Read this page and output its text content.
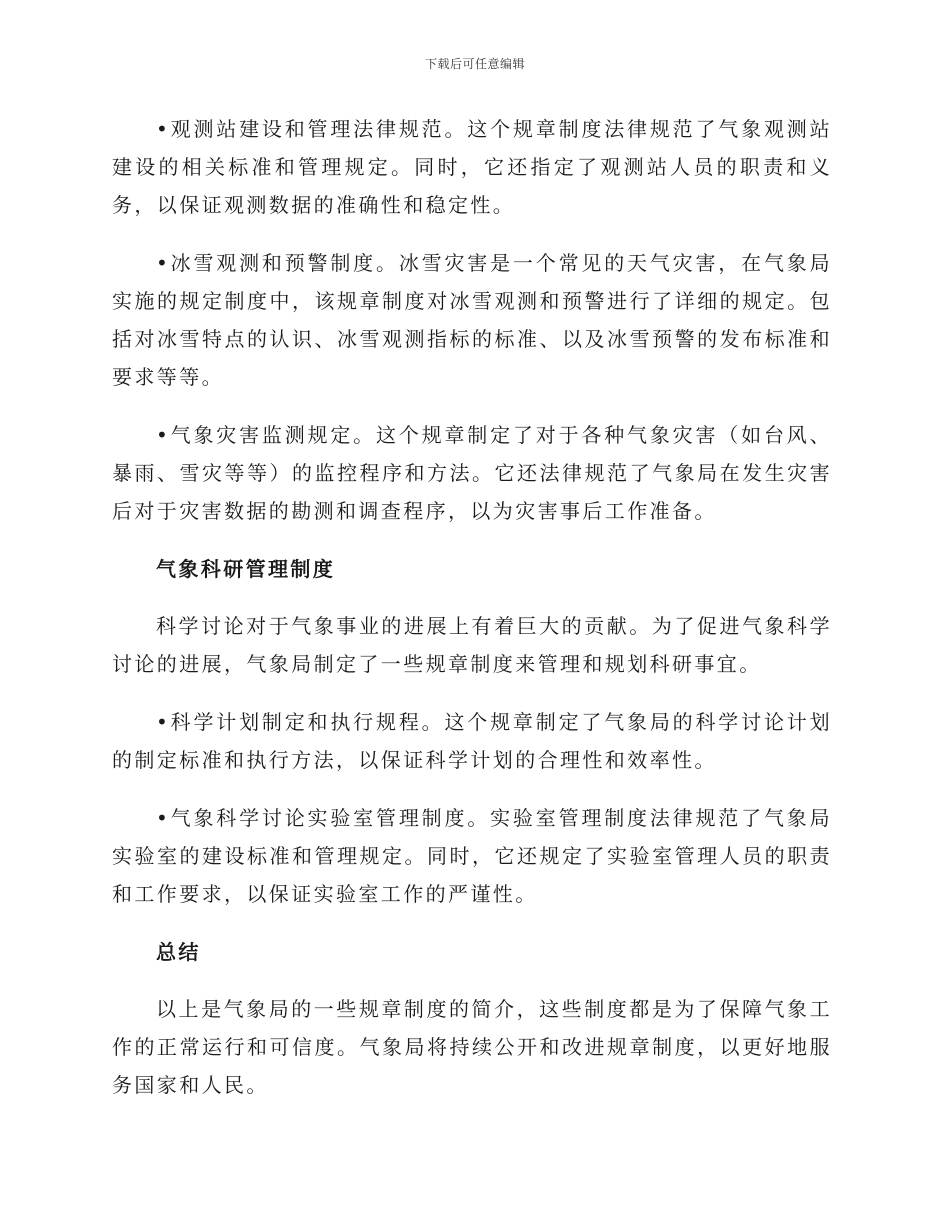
下载后可任意编辑

•观测站建设和管理法律规范。这个规章制度法律规范了气象观测站建设的相关标准和管理规定。同时，它还指定了观测站人员的职责和义务，以保证观测数据的准确性和稳定性。

•冰雪观测和预警制度。冰雪灾害是一个常见的天气灾害，在气象局实施的规定制度中，该规章制度对冰雪观测和预警进行了详细的规定。包括对冰雪特点的认识、冰雪观测指标的标准、以及冰雪预警的发布标准和要求等等。

•气象灾害监测规定。这个规章制定了对于各种气象灾害（如台风、暴雨、雪灾等等）的监控程序和方法。它还法律规范了气象局在发生灾害后对于灾害数据的勘测和调查程序，以为灾害事后工作准备。

气象科研管理制度

科学讨论对于气象事业的进展上有着巨大的贡献。为了促进气象科学讨论的进展，气象局制定了一些规章制度来管理和规划科研事宜。

•科学计划制定和执行规程。这个规章制定了气象局的科学讨论计划的制定标准和执行方法，以保证科学计划的合理性和效率性。

•气象科学讨论实验室管理制度。实验室管理制度法律规范了气象局实验室的建设标准和管理规定。同时，它还规定了实验室管理人员的职责和工作要求，以保证实验室工作的严谨性。

总结

以上是气象局的一些规章制度的简介，这些制度都是为了保障气象工作的正常运行和可信度。气象局将持续公开和改进规章制度，以更好地服务国家和人民。
